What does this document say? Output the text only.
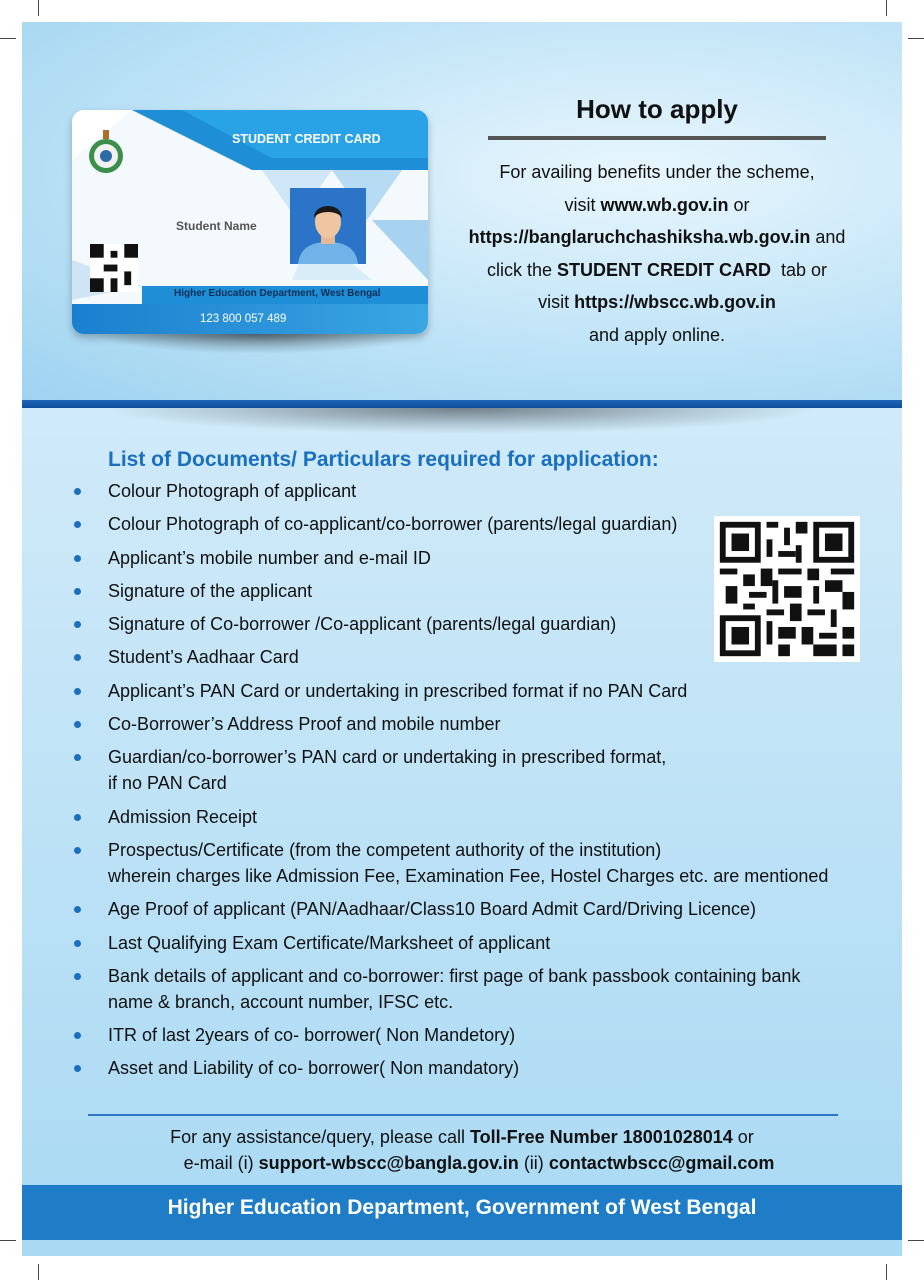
STUDENT CREDIT CARD
Student Name
Higher Education Department, West Bengal
123 800 057 489
How to apply
For availing benefits under the scheme,
visit www.wb.gov.in or
https://banglaruchchashiksha.wb.gov.in and
click the STUDENT CREDIT CARD  tab or
visit https://wbscc.wb.gov.in
and apply online.
List of Documents/ Particulars required for application:
Colour Photograph of applicant
Colour Photograph of co-applicant/co-borrower (parents/legal guardian)
Applicant’s mobile number and e-mail ID
Signature of the applicant
Signature of Co-borrower /Co-applicant (parents/legal guardian)
Student’s Aadhaar Card
Applicant’s PAN Card or undertaking in prescribed format if no PAN Card
Co-Borrower’s Address Proof and mobile number
Guardian/co-borrower’s PAN card or undertaking in prescribed format,
if no PAN Card
Admission Receipt
Prospectus/Certificate (from the competent authority of the institution)
wherein charges like Admission Fee, Examination Fee, Hostel Charges etc. are mentioned
Age Proof of applicant (PAN/Aadhaar/Class10 Board Admit Card/Driving Licence)
Last Qualifying Exam Certificate/Marksheet of applicant
Bank details of applicant and co-borrower: first page of bank passbook containing bank
name & branch, account number, IFSC etc.
ITR of last 2years of co- borrower( Non Mandetory)
Asset and Liability of co- borrower( Non mandatory)
For any assistance/query, please call Toll-Free Number 18001028014 or
e-mail (i) support-wbscc@bangla.gov.in (ii) contactwbscc@gmail.com
Higher Education Department, Government of West Bengal
